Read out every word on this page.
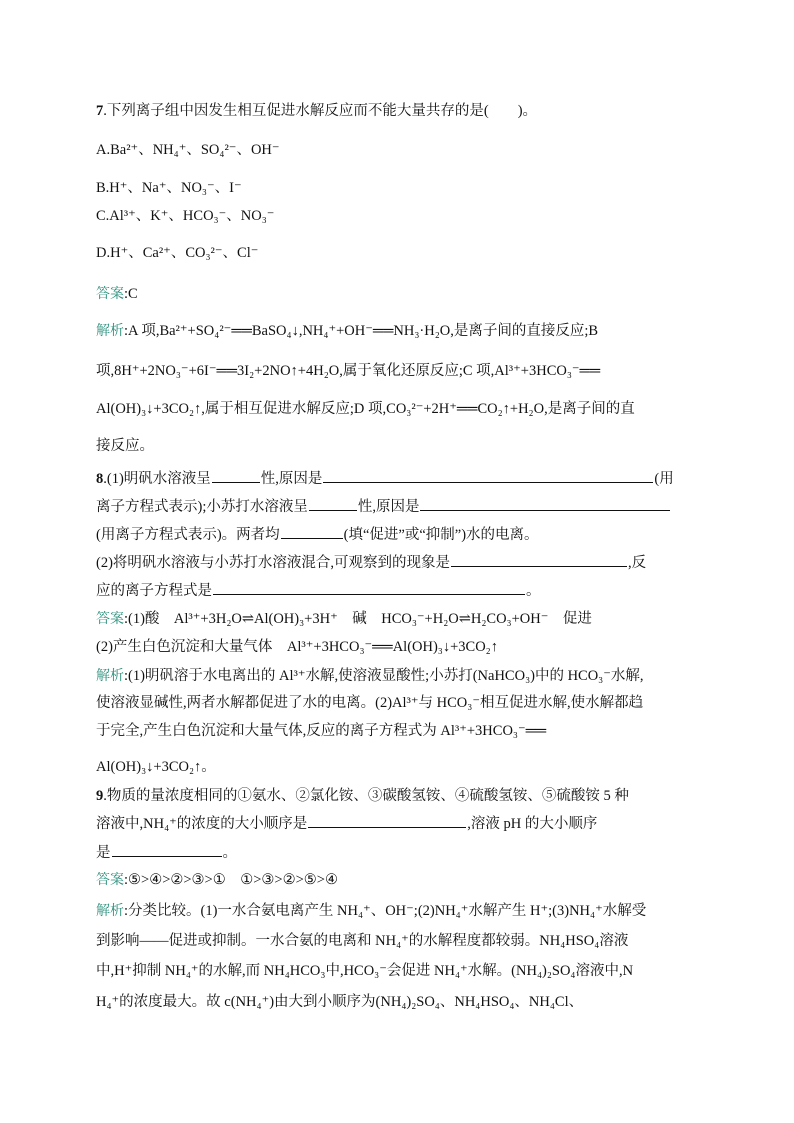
7.下列离子组中因发生相互促进水解反应而不能大量共存的是(　　)。
A.Ba²⁺、NH₄⁺、SO₄²⁻、OH⁻
B.H⁺、Na⁺、NO₃⁻、I⁻
C.Al³⁺、K⁺、HCO₃⁻、NO₃⁻
D.H⁺、Ca²⁺、CO₃²⁻、Cl⁻
答案:C
解析:A 项,Ba²⁺+SO₄²⁻══BaSO₄↓,NH₄⁺+OH⁻══NH₃·H₂O,是离子间的直接反应;B
项,8H⁺+2NO₃⁻+6I⁻══3I₂+2NO↑+4H₂O,属于氧化还原反应;C 项,Al³⁺+3HCO₃⁻══
Al(OH)₃↓+3CO₂↑,属于相互促进水解反应;D 项,CO₃²⁻+2H⁺══CO₂↑+H₂O,是离子间的直
接反应。
8.(1)明矾水溶液呈	性,原因是	(用
离子方程式表示);小苏打水溶液呈	性,原因是
(用离子方程式表示)。两者均	(填“促进”或“抑制”)水的电离。
(2)将明矾水溶液与小苏打水溶液混合,可观察到的现象是	,反
应的离子方程式是	。
答案:(1)酸　Al³⁺+3H₂O⇌Al(OH)₃+3H⁺　碱　HCO₃⁻+H₂O⇌H₂CO₃+OH⁻　促进
(2)产生白色沉淀和大量气体　Al³⁺+3HCO₃⁻══Al(OH)₃↓+3CO₂↑
解析:(1)明矾溶于水电离出的 Al³⁺水解,使溶液显酸性;小苏打(NaHCO₃)中的 HCO₃⁻水解,
使溶液显碱性,两者水解都促进了水的电离。(2)Al³⁺与 HCO₃⁻相互促进水解,使水解都趋
于完全,产生白色沉淀和大量气体,反应的离子方程式为 Al³⁺+3HCO₃⁻══
Al(OH)₃↓+3CO₂↑。
9.物质的量浓度相同的①氨水、②氯化铵、③碳酸氢铵、④硫酸氢铵、⑤硫酸铵 5 种
溶液中,NH₄⁺的浓度的大小顺序是	,溶液 pH 的大小顺序
是	。
答案:⑤>④>②>③>①　①>③>②>⑤>④
解析:分类比较。(1)一水合氨电离产生 NH₄⁺、OH⁻;(2)NH₄⁺水解产生 H⁺;(3)NH₄⁺水解受
到影响——促进或抑制。一水合氨的电离和 NH₄⁺的水解程度都较弱。NH₄HSO₄溶液
中,H⁺抑制 NH₄⁺的水解,而 NH₄HCO₃中,HCO₃⁻会促进 NH₄⁺水解。(NH₄)₂SO₄溶液中,N
H₄⁺的浓度最大。故 c(NH₄⁺)由大到小顺序为(NH₄)₂SO₄、NH₄HSO₄、NH₄Cl、
